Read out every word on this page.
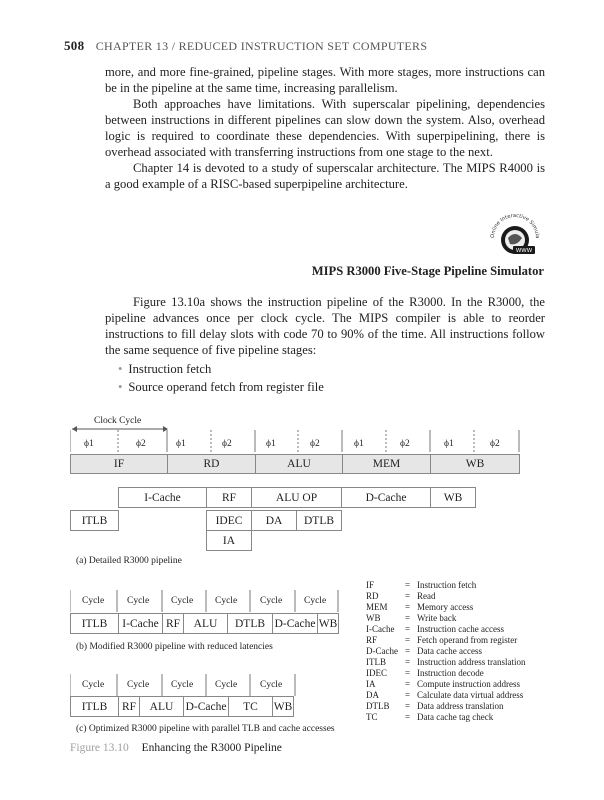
508 CHAPTER 13 / REDUCED INSTRUCTION SET COMPUTERS

more, and more fine-grained, pipeline stages. With more stages, more instructions can be in the pipeline at the same time, increasing parallelism.

Both approaches have limitations. With superscalar pipelining, dependencies between instructions in different pipelines can slow down the system. Also, overhead logic is required to coordinate these dependencies. With superpipelining, there is overhead associated with transferring instructions from one stage to the next.

Chapter 14 is devoted to a study of superscalar architecture. The MIPS R4000 is a good example of a RISC-based superpipeline architecture.

Online Interactive Simula
WWW
MIPS R3000 Five-Stage Pipeline Simulator

Figure 13.10a shows the instruction pipeline of the R3000. In the R3000, the pipeline advances once per clock cycle. The MIPS compiler is able to reorder instructions to fill delay slots with code 70 to 90% of the time. All instructions follow the same sequence of five pipeline stages:

• Instruction fetch
• Source operand fetch from register file
Clock Cycle
ϕ1	ϕ2	ϕ1	ϕ2	ϕ1	ϕ2	ϕ1	ϕ2	ϕ1	ϕ2
IF	RD	ALU	MEM	WB
I-Cache	RF	ALU OP	D-Cache	WB
ITLB	IDEC	DA	DTLB
IA
(a) Detailed R3000 pipeline
Cycle Cycle Cycle Cycle Cycle Cycle
ITLB	I-Cache RF	ALU	DTLB D-Cache WB
(b) Modified R3000 pipeline with reduced latencies
Cycle Cycle Cycle Cycle Cycle
ITLB	RF	ALU	D-Cache	TC	WB
(c) Optimized R3000 pipeline with parallel TLB and cache accesses
IF	= Instruction fetch
RD	= Read
MEM = Memory access
WB	= Write back
I-Cache = Instruction cache access
RF	= Fetch operand from register
D-Cache = Data cache access
ITLB = Instruction address translation
IDEC = Instruction decode
IA	= Compute instruction address
DA	= Calculate data virtual address
DTLB = Data address translation
TC	= Data cache tag check
Figure 13.10 Enhancing the R3000 Pipeline
